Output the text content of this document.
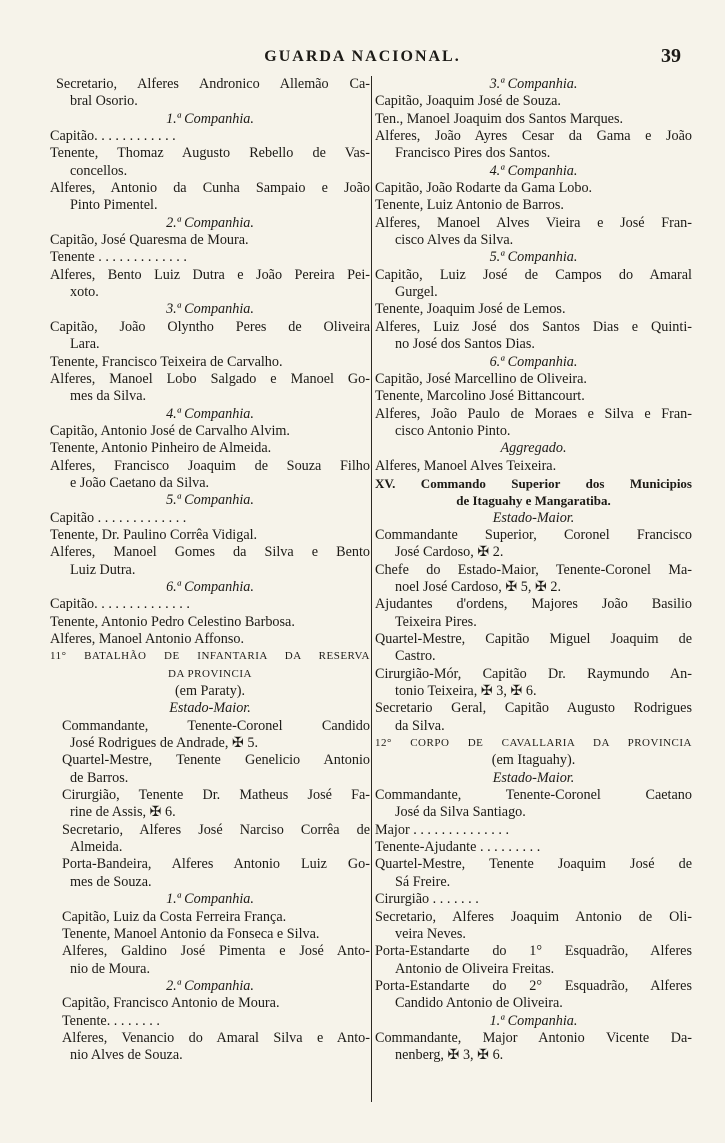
GUARDA NACIONAL.	39
Secretario, Alferes Andronico Allemão Ca-
bral Osorio.
1.ª Companhia.
Capitão. . . . . . . . . . . .
Tenente, Thomaz Augusto Rebello de Vas-
concellos.
Alferes, Antonio da Cunha Sampaio e João
Pinto Pimentel.
2.ª Companhia.
Capitão, José Quaresma de Moura.
Tenente . . . . . . . . . . . . .
Alferes, Bento Luiz Dutra e João Pereira Pei-
xoto.
3.ª Companhia.
Capitão, João Olyntho Peres de Oliveira
Lara.
Tenente, Francisco Teixeira de Carvalho.
Alferes, Manoel Lobo Salgado e Manoel Go-
mes da Silva.
4.ª Companhia.
Capitão, Antonio José de Carvalho Alvim.
Tenente, Antonio Pinheiro de Almeida.
Alferes, Francisco Joaquim de Souza Filho
e João Caetano da Silva.
5.ª Companhia.
Capitão . . . . . . . . . . . . .
Tenente, Dr. Paulino Corrêa Vidigal.
Alferes, Manoel Gomes da Silva e Bento
Luiz Dutra.
6.ª Companhia.
Capitão. . . . . . . . . . . . . .
Tenente, Antonio Pedro Celestino Barbosa.
Alferes, Manoel Antonio Affonso.
11° BATALHÃO DE INFANTARIA DA RESERVA
DA PROVINCIA
(em Paraty).
Estado-Maior.
Commandante, Tenente-Coronel Candido
José Rodrigues de Andrade, ✠ 5.
Quartel-Mestre, Tenente Genelicio Antonio
de Barros.
Cirurgião, Tenente Dr. Matheus José Fa-
rine de Assis, ✠ 6.
Secretario, Alferes José Narciso Corrêa de
Almeida.
Porta-Bandeira, Alferes Antonio Luiz Go-
mes de Souza.
1.ª Companhia.
Capitão, Luiz da Costa Ferreira França.
Tenente, Manoel Antonio da Fonseca e Silva.
Alferes, Galdino José Pimenta e José Anto-
nio de Moura.
2.ª Companhia.
Capitão, Francisco Antonio de Moura.
Tenente. . . . . . . .
Alferes, Venancio do Amaral Silva e Anto-
nio Alves de Souza.
3.ª Companhia.
Capitão, Joaquim José de Souza.
Ten., Manoel Joaquim dos Santos Marques.
Alferes, João Ayres Cesar da Gama e João
Francisco Pires dos Santos.
4.ª Companhia.
Capitão, João Rodarte da Gama Lobo.
Tenente, Luiz Antonio de Barros.
Alferes, Manoel Alves Vieira e José Fran-
cisco Alves da Silva.
5.ª Companhia.
Capitão, Luiz José de Campos do Amaral
Gurgel.
Tenente, Joaquim José de Lemos.
Alferes, Luiz José dos Santos Dias e Quinti-
no José dos Santos Dias.
6.ª Companhia.
Capitão, José Marcellino de Oliveira.
Tenente, Marcolino José Bittancourt.
Alferes, João Paulo de Moraes e Silva e Fran-
cisco Antonio Pinto.
Aggregado.
Alferes, Manoel Alves Teixeira.
XV. Commando Superior dos Municipios
de Itaguahy e Mangaratiba.
Estado-Maior.
Commandante Superior, Coronel Francisco
José Cardoso, ✠ 2.
Chefe do Estado-Maior, Tenente-Coronel Ma-
noel José Cardoso, ✠ 5, ✠ 2.
Ajudantes d'ordens, Majores João Basilio
Teixeira Pires.
Quartel-Mestre, Capitão Miguel Joaquim de
Castro.
Cirurgião-Mór, Capitão Dr. Raymundo An-
tonio Teixeira, ✠ 3, ✠ 6.
Secretario Geral, Capitão Augusto Rodrigues
da Silva.
12° CORPO DE CAVALLARIA DA PROVINCIA
(em Itaguahy).
Estado-Maior.
Commandante, Tenente-Coronel Caetano
José da Silva Santiago.
Major . . . . . . . . . . . . . .
Tenente-Ajudante . . . . . . . . .
Quartel-Mestre, Tenente Joaquim José de
Sá Freire.
Cirurgião . . . . . . .
Secretario, Alferes Joaquim Antonio de Oli-
veira Neves.
Porta-Estandarte do 1° Esquadrão, Alferes
Antonio de Oliveira Freitas.
Porta-Estandarte do 2° Esquadrão, Alferes
Candido Antonio de Oliveira.
1.ª Companhia.
Commandante, Major Antonio Vicente Da-
nenberg, ✠ 3, ✠ 6.
